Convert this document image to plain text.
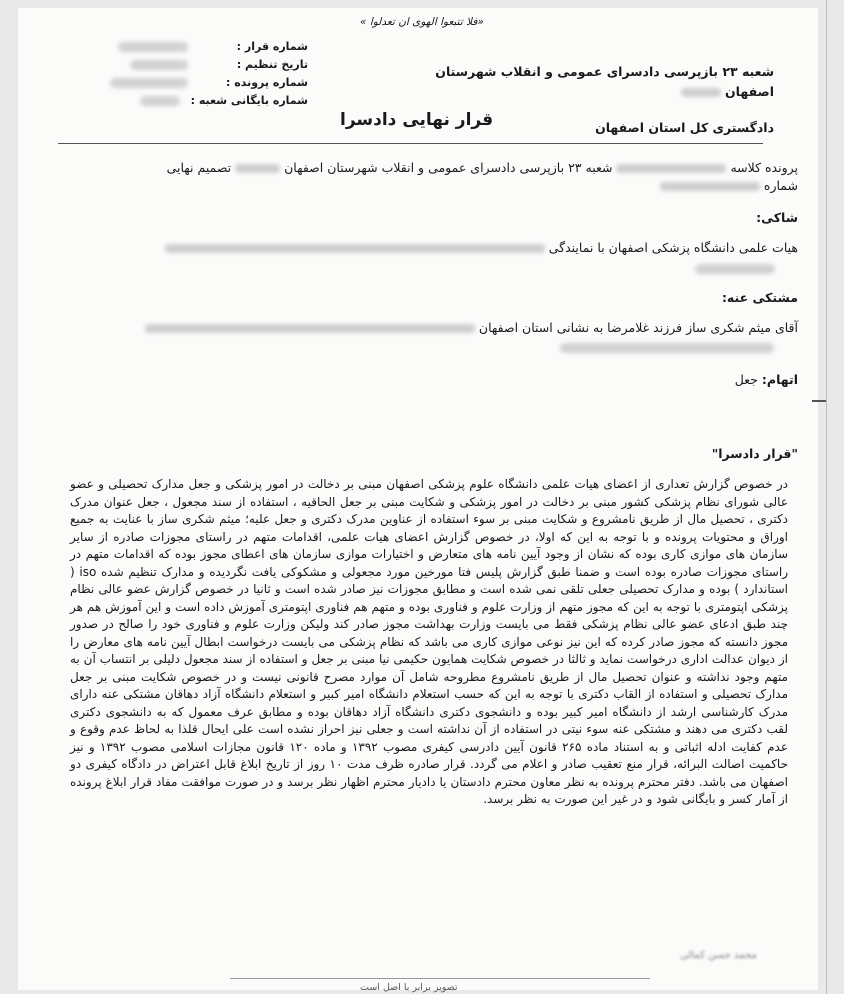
«فلا تتبعوا الهوی ان تعدلوا »
شماره قرار :
تاریخ تنظیم :
شماره پرونده :
شماره بایگانی شعبه :
شعبه ۲۳ بازپرسی دادسرای عمومی و انقلاب شهرستان
اصفهان
قرار نهایی دادسرا	دادگستری کل استان اصفهان
پرونده کلاسه  شعبه ۲۳ بازپرسی دادسرای عمومی و انقلاب شهرستان اصفهان  تصمیم نهایی
شماره
شاکی:
هیات علمی دانشگاه پزشکی اصفهان با نمایندگی
مشتکی عنه:
آقای میثم شکری ساز فرزند غلامرضا به نشانی استان اصفهان
اتهام: جعل
"قرار دادسرا"
در خصوص گزارش تعداری از اعضای هیات علمی دانشگاه علوم پزشکی اصفهان مبنی بر دخالت در امور پزشکی و جعل مدارک تحصیلی و عضو عالی شورای نظام پزشکی کشور مبنی بر دخالت در امور پزشکی و شکایت مبنی بر جعل الحاقیه ، استفاده از سند مجعول ، جعل عنوان مدرک دکتری ، تحصیل مال از طریق نامشروع و شکایت مبنی بر سوء استفاده از عناوین مدرک دکتری و جعل علیه؛ میثم شکری ساز با عنایت به جمیع اوراق و محتویات پرونده و با توجه به این که اولا، در خصوص گزارش اعضای هیات علمی، اقدامات متهم در راستای مجوزات صادره از سایر سازمان های موازی کاری بوده که نشان از وجود آیین نامه های متعارض و اختیارات موازی سازمان های اعطای مجوز بوده که اقدامات متهم در راستای مجوزات صادره بوده است و ضمنا طبق گزارش پلیس فتا مورخین مورد مجعولی و مشکوکی یافت نگردیده و مدارک تنظیم شده iso ( استاندارد ) بوده و مدارک تحصیلی جعلی تلقی نمی شده است و مطابق مجوزات نیز صادر شده است و ثانیا در خصوص گزارش عضو عالی نظام پزشکی اپتومتری با توجه به این که مجوز متهم از وزارت علوم و فناوری بوده و متهم هم فناوری اپتومتری آموزش داده است و این آموزش هم هر چند طبق ادعای عضو عالی نظام پزشکی فقط می بایست وزارت بهداشت مجوز صادر کند ولیکن وزارت علوم و فناوری خود را صالح در صدور مجوز دانسته که مجوز صادر کرده که این نیز نوعی موازی کاری می باشد که نظام پزشکی می بایست درخواست ابطال آیین نامه های معارض را از دیوان عدالت اداری درخواست نماید و ثالثا در خصوص شکایت همایون حکیمی نیا مبنی بر جعل و استفاده از سند مجعول دلیلی بر انتساب آن به متهم وجود نداشته و عنوان تحصیل مال از طریق نامشروع مطروحه شامل آن موارد مصرح قانونی نیست و در خصوص شکایت مبنی بر جعل مدارک تحصیلی و استفاده از القاب دکتری با توجه به این که حسب استعلام دانشگاه امیر کبیر و استعلام دانشگاه آزاد دهاقان مشتکی عنه دارای مدرک کارشناسی ارشد از دانشگاه امیر کبیر بوده و دانشجوی دکتری دانشگاه آزاد دهاقان بوده و مطابق عرف معمول که به دانشجوی دکتری لقب دکتری می دهند و مشتکی عنه سوء نیتی در استفاده از آن نداشته است و جعلی نیز احراز نشده است علی ایحال قلذا به لحاظ عدم وقوع و عدم کفایت ادله اثباتی و به استناد ماده ۲۶۵ قانون آیین دادرسی کیفری مصوب ۱۳۹۲ و ماده ۱۲۰ قانون مجازات اسلامی مصوب ۱۳۹۲ و نیز حاکمیت اصالت البرائه، قرار منع تعقیب صادر و اعلام می گردد. قرار صادره ظرف مدت ۱۰ روز از تاریخ ابلاغ قابل اعتراض در دادگاه کیفری دو اصفهان می باشد. دفتر محترم پرونده به نظر معاون محترم دادستان یا دادیار محترم اظهار نظر برسد و در صورت موافقت مفاد قرار ابلاغ پرونده از آمار کسر و بایگانی شود و در غیر این صورت به نظر برسد.
محمد حسن کمالی
تصویر برابر با اصل است
